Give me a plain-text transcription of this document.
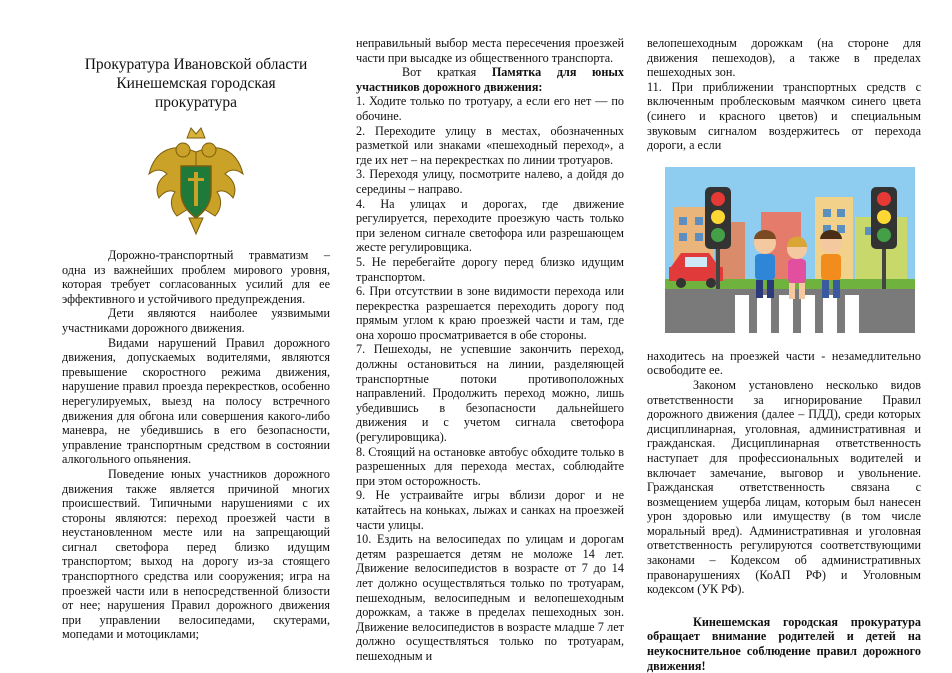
Прокуратура Ивановской области
Кинешемская городская
прокуратура

Дорожно-транспортный травматизм – одна из важнейших проблем мирового уровня, которая требует согласованных усилий для ее эффективного и устойчивого предупреждения.

Дети являются наиболее уязвимыми участниками дорожного движения.

Видами нарушений Правил дорожного движения, допускаемых водителями, являются превышение скоростного режима движения, нарушение правил проезда перекрестков, особенно нерегулируемых, выезд на полосу встречного движения для обгона или совершения какого-либо маневра, не убедившись в его безопасности, управление транспортным средством в состоянии алкогольного опьянения.

Поведение юных участников дорожного движения также является причиной многих происшествий. Типичными нарушениями с их стороны являются: переход проезжей части в неустановленном месте или на запрещающий сигнал светофора перед близко идущим транспортом; выход на дорогу из-за стоящего транспортного средства или сооружения; игра на проезжей части или в непосредственной близости от нее; нарушения Правил дорожного движения при управлении велосипедами, скутерами, мопедами и мотоциклами;

неправильный выбор места пересечения проезжей части при высадке из общественного транспорта.

Вот краткая Памятка для юных участников дорожного движения:

1. Ходите только по тротуару, а если его нет — по обочине.

2. Переходите улицу в местах, обозначенных разметкой или знаками «пешеходный переход», а где их нет – на перекрестках по линии тротуаров.

3. Переходя улицу, посмотрите налево, а дойдя до середины – направо.

4. На улицах и дорогах, где движение регулируется, переходите проезжую часть только при зеленом сигнале светофора или разрешающем жесте регулировщика.

5. Не перебегайте дорогу перед близко идущим транспортом.

6. При отсутствии в зоне видимости перехода или перекрестка разрешается переходить дорогу под прямым углом к краю проезжей части и там, где она хорошо просматривается в обе стороны.

7. Пешеходы, не успевшие закончить переход, должны остановиться на линии, разделяющей транспортные потоки противоположных направлений. Продолжить переход можно, лишь убедившись в безопасности дальнейшего движения и с учетом сигнала светофора (регулировщика).

8. Стоящий на остановке автобус обходите только в разрешенных для перехода местах, соблюдайте при этом осторожность.

9. Не устраивайте игры вблизи дорог и не катайтесь на коньках, лыжах и санках на проезжей части улицы.

10. Ездить на велосипедах по улицам и дорогам детям разрешается детям не моложе 14 лет. Движение велосипедистов в возрасте от 7 до 14 лет должно осуществляться только по тротуарам, пешеходным, велосипедным и велопешеходным дорожкам, а также в пределах пешеходных зон. Движение велосипедистов в возрасте младше 7 лет должно осуществляться только по тротуарам, пешеходным и

велопешеходным дорожкам (на стороне для движения пешеходов), а также в пределах пешеходных зон.

11. При приближении транспортных средств с включенным проблесковым маячком синего цвета (синего и красного цветов) и специальным звуковым сигналом воздержитесь от перехода дороги, а если

находитесь на проезжей части - незамедлительно освободите ее.

Законом установлено несколько видов ответственности за игнорирование Правил дорожного движения (далее – ПДД), среди которых дисциплинарная, уголовная, административная и гражданская. Дисциплинарная ответственность наступает для профессиональных водителей и включает замечание, выговор и увольнение. Гражданская ответственность связана с возмещением ущерба лицам, которым был нанесен урон здоровью или имуществу (в том числе моральный вред). Административная и уголовная ответственность регулируются соответствующими законами – Кодексом об административных правонарушениях (КоАП РФ) и Уголовным кодексом (УК РФ).

Кинешемская городская прокуратура обращает внимание родителей и детей на неукоснительное соблюдение правил дорожного движения!
